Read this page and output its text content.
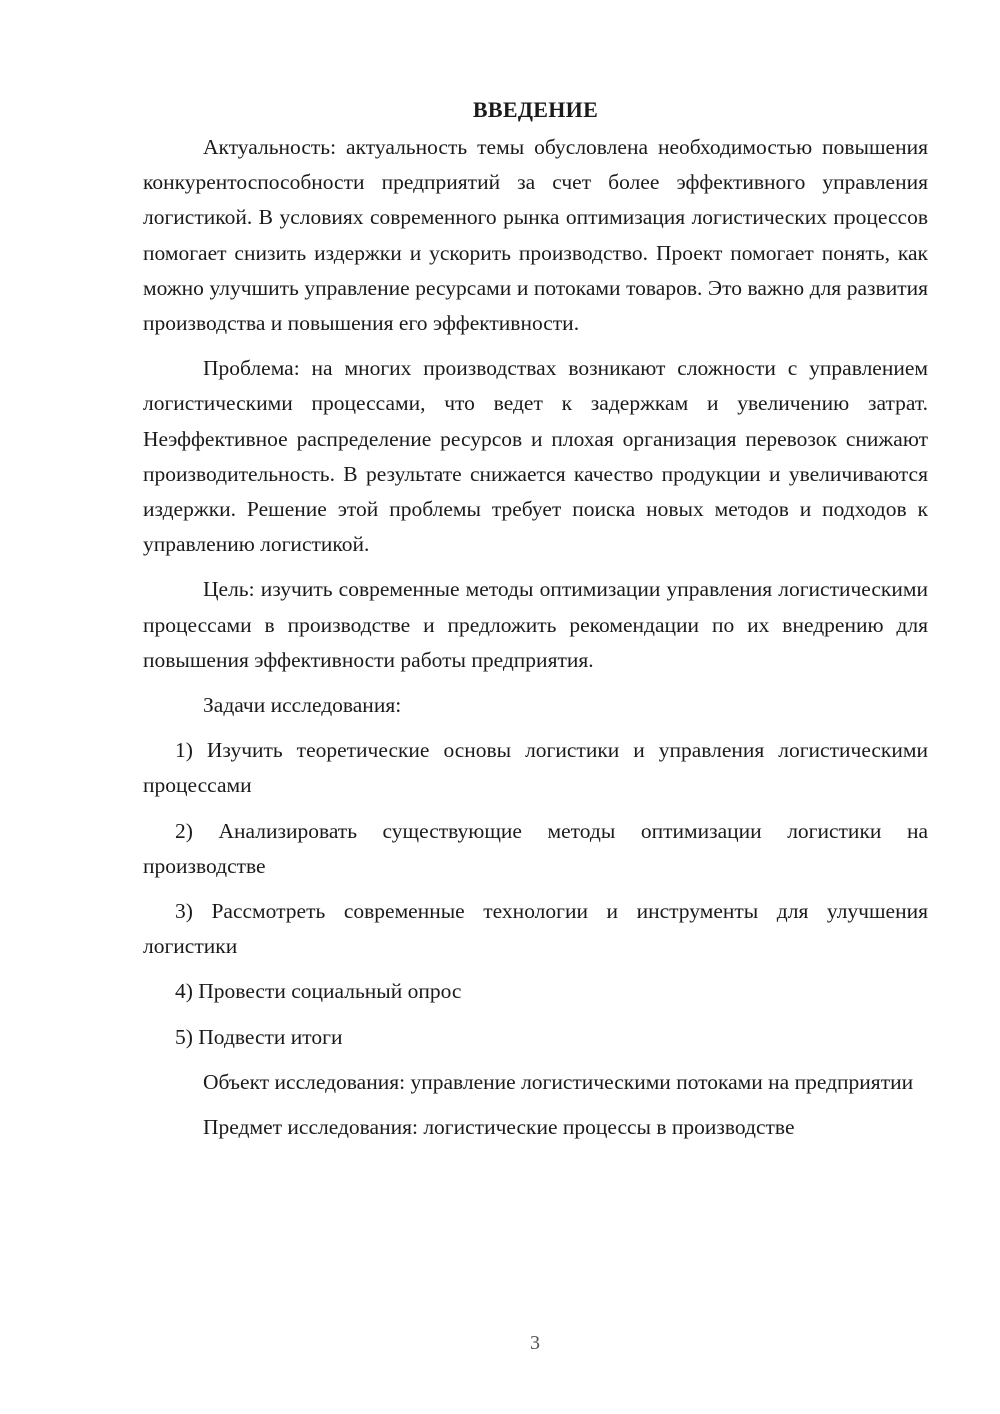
ВВЕДЕНИЕ

Актуальность: актуальность темы обусловлена необходимостью повышения конкурентоспособности предприятий за счет более эффективного управления логистикой. В условиях современного рынка оптимизация логистических процессов помогает снизить издержки и ускорить производство. Проект помогает понять, как можно улучшить управление ресурсами и потоками товаров. Это важно для развития производства и повышения его эффективности.

Проблема: на многих производствах возникают сложности с управлением логистическими процессами, что ведет к задержкам и увеличению затрат. Неэффективное распределение ресурсов и плохая организация перевозок снижают производительность. В результате снижается качество продукции и увеличиваются издержки. Решение этой проблемы требует поиска новых методов и подходов к управлению логистикой.

Цель: изучить современные методы оптимизации управления логистическими процессами в производстве и предложить рекомендации по их внедрению для повышения эффективности работы предприятия.

Задачи исследования:

1) Изучить теоретические основы логистики и управления логистическими процессами

2) Анализировать существующие методы оптимизации логистики на производстве

3) Рассмотреть современные технологии и инструменты для улучшения логистики

4) Провести социальный опрос

5) Подвести итоги

Объект исследования: управление логистическими потоками на предприятии

Предмет исследования: логистические процессы в производстве

3
